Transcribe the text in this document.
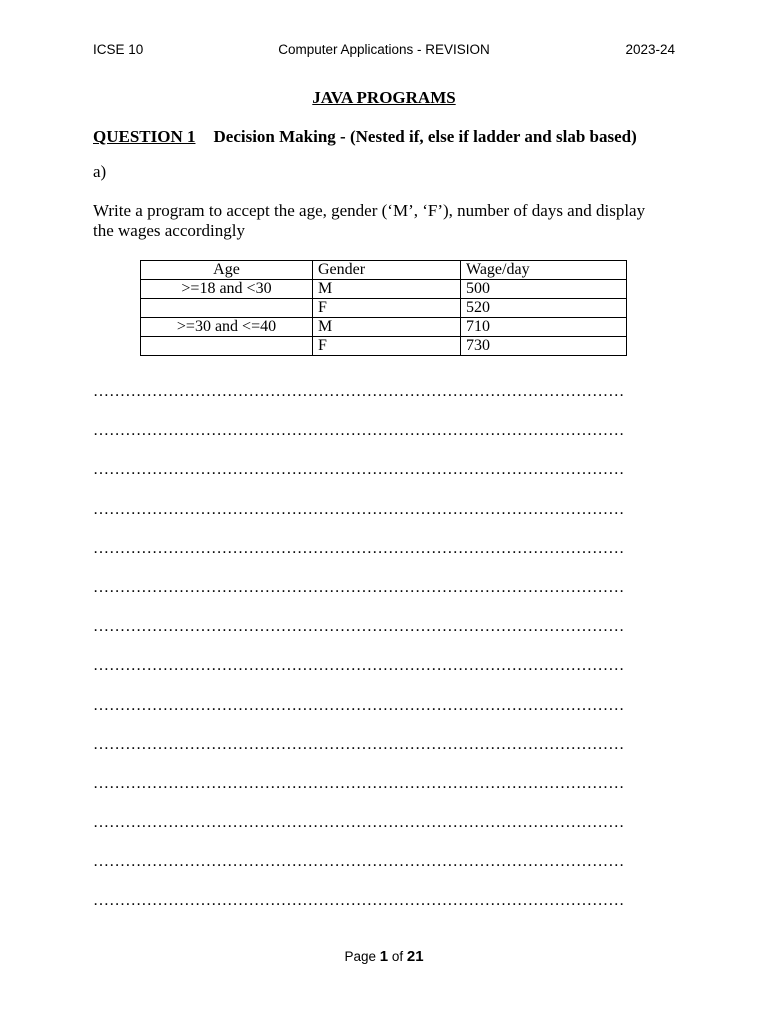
ICSE 10	Computer Applications - REVISION	2023-24
JAVA PROGRAMS
QUESTION 1 Decision Making - (Nested if, else if ladder and slab based)
a)
Write a program to accept the age, gender (‘M’, ‘F’), number of days and display the wages accordingly
Age	Gender	Wage/day
>=18 and <30	M	500
	F	520
>=30 and <=40	M	710
	F	730
………………………………………………………………………………………
………………………………………………………………………………………
………………………………………………………………………………………
………………………………………………………………………………………
………………………………………………………………………………………
………………………………………………………………………………………
………………………………………………………………………………………
………………………………………………………………………………………
………………………………………………………………………………………
………………………………………………………………………………………
………………………………………………………………………………………
………………………………………………………………………………………
………………………………………………………………………………………
………………………………………………………………………………………
Page 1 of 21
